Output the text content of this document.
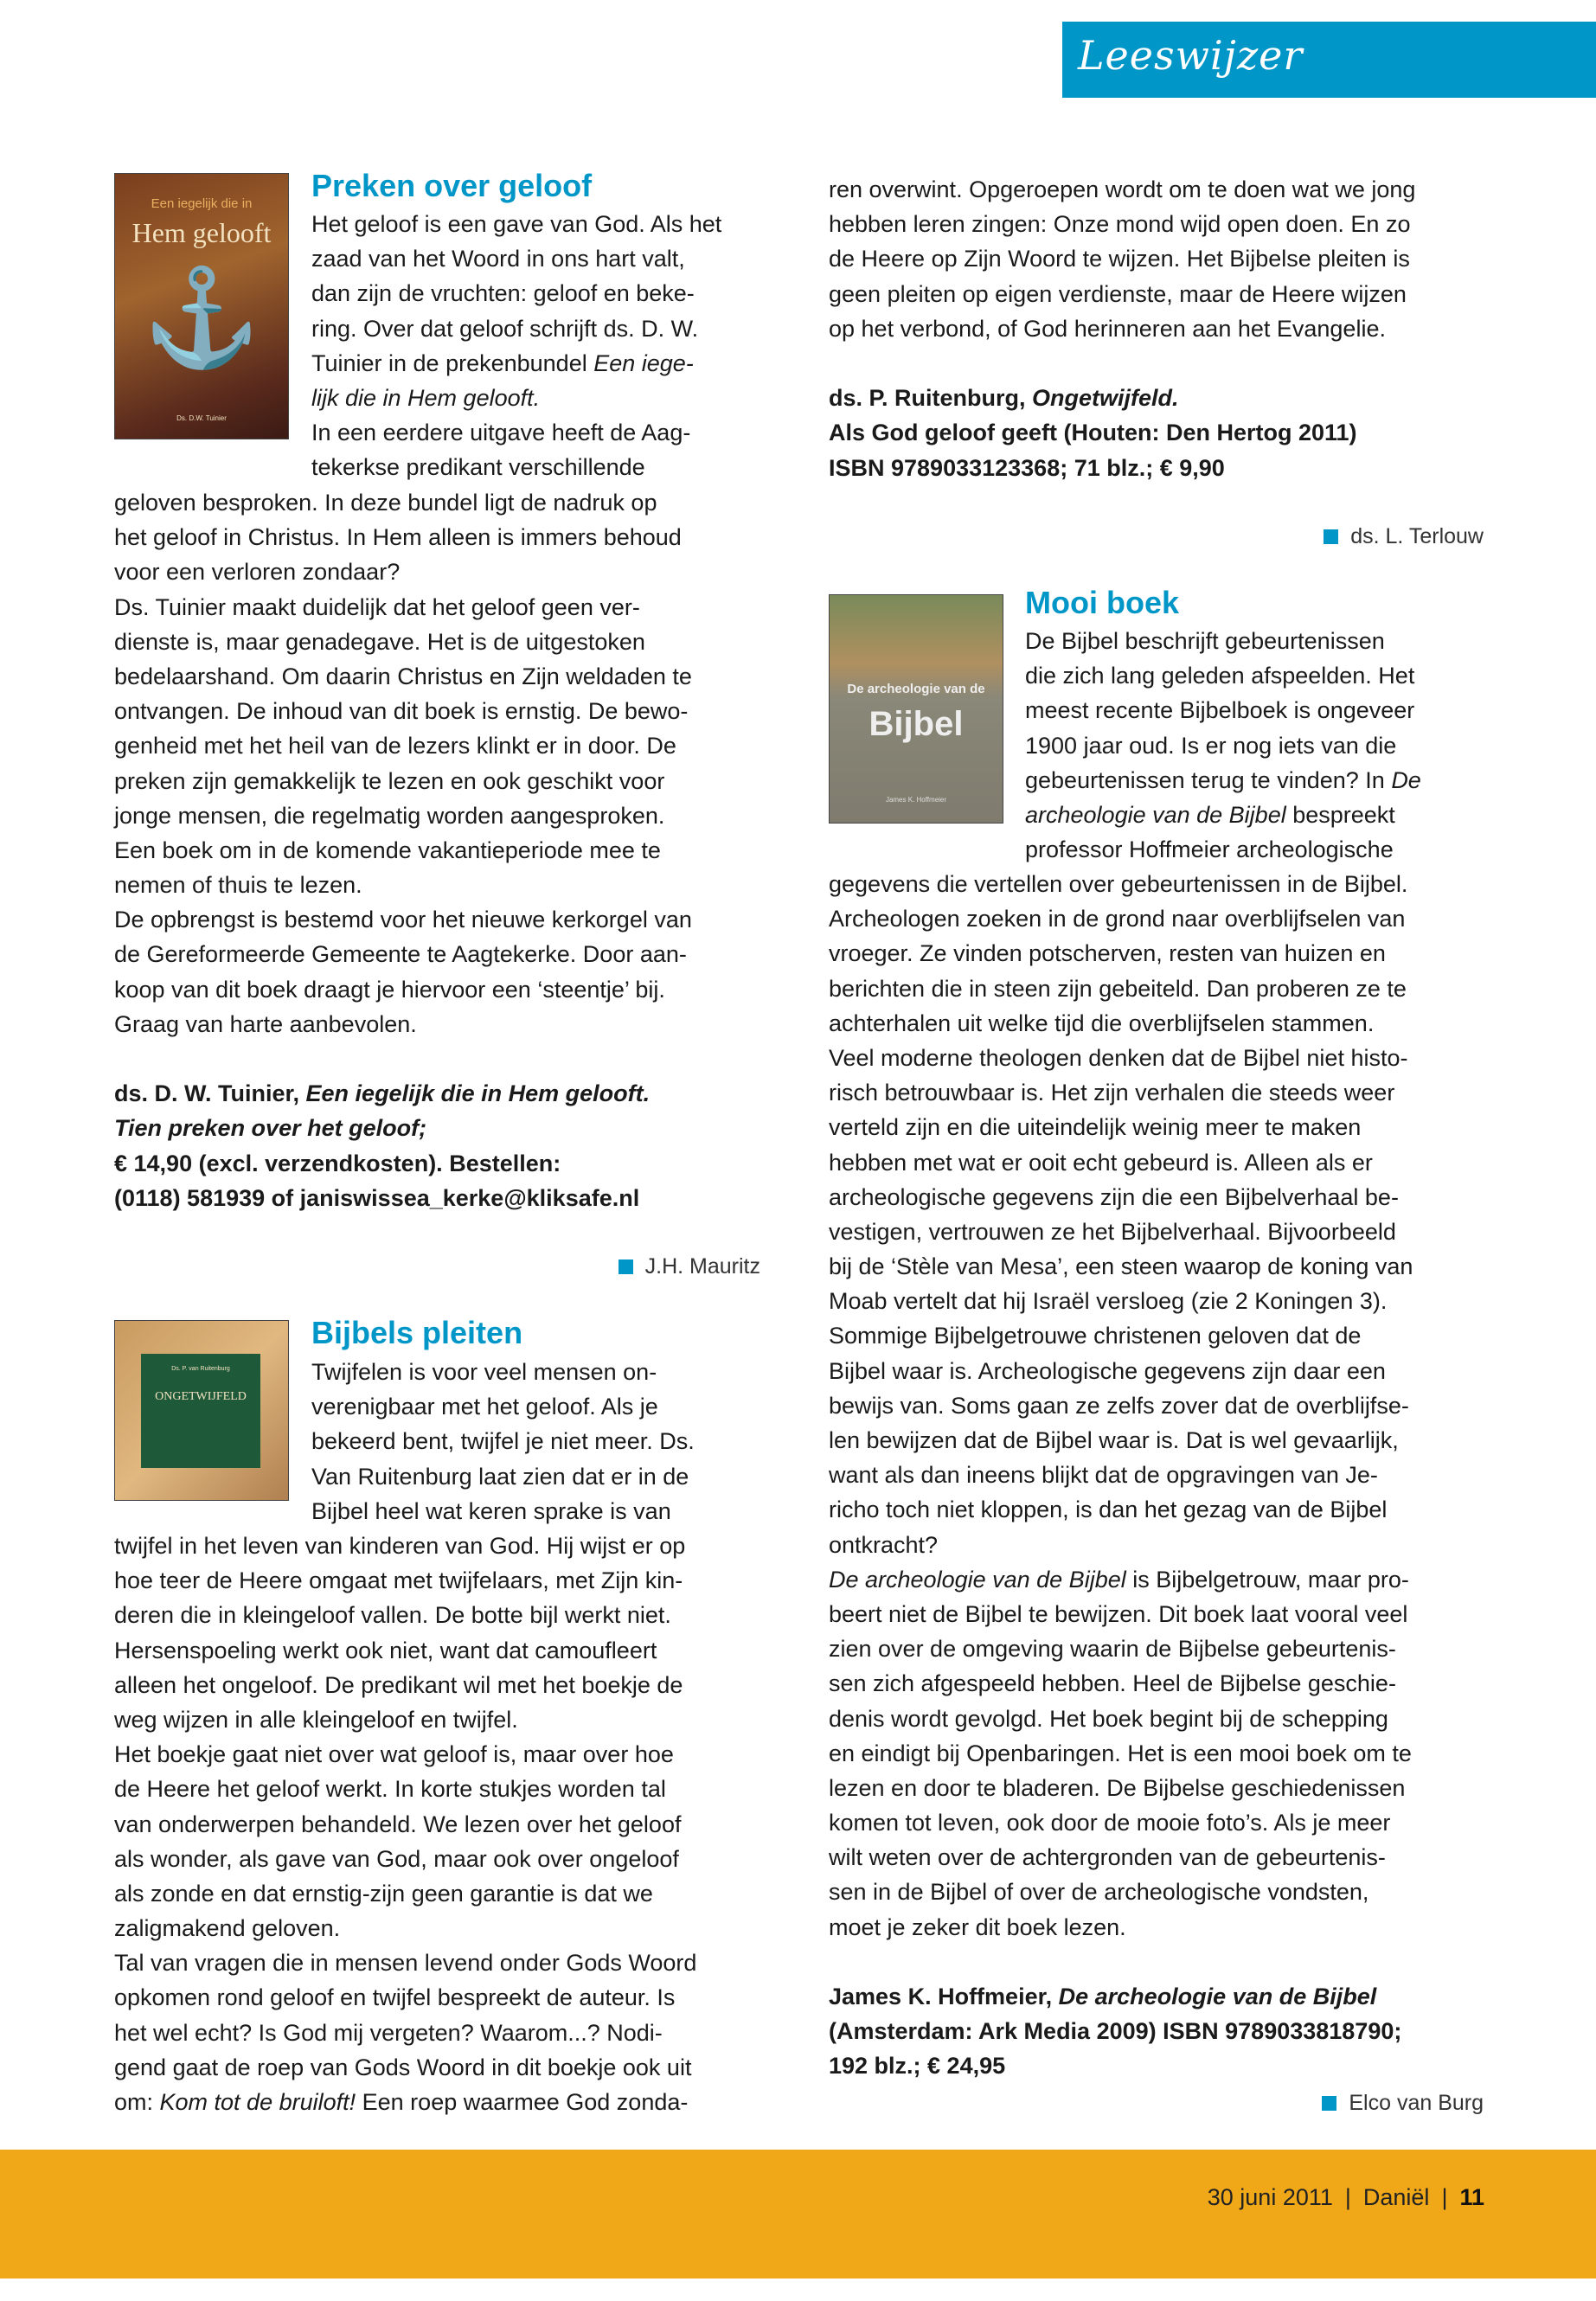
Leeswijzer
Een iegelijk die in
Hem gelooft
⚓
Ds. D.W. Tuinier
Preken over geloof
Het geloof is een gave van God. Als het
zaad van het Woord in ons hart valt,
dan zijn de vruchten: geloof en beke-
ring. Over dat geloof schrijft ds. D. W.
Tuinier in de prekenbundel Een iege-
lijk die in Hem gelooft.
In een eerdere uitgave heeft de Aag-
tekerkse predikant verschillende
geloven besproken. In deze bundel ligt de nadruk op
het geloof in Christus. In Hem alleen is immers behoud
voor een verloren zondaar?
Ds. Tuinier maakt duidelijk dat het geloof geen ver-
dienste is, maar genadegave. Het is de uitgestoken
bedelaarshand. Om daarin Christus en Zijn weldaden te
ontvangen. De inhoud van dit boek is ernstig. De bewo-
genheid met het heil van de lezers klinkt er in door. De
preken zijn gemakkelijk te lezen en ook geschikt voor
jonge mensen, die regelmatig worden aangesproken.
Een boek om in de komende vakantieperiode mee te
nemen of thuis te lezen.
De opbrengst is bestemd voor het nieuwe kerkorgel van
de Gereformeerde Gemeente te Aagtekerke. Door aan-
koop van dit boek draagt je hiervoor een ‘steentje’ bij.
Graag van harte aanbevolen.
ds. D. W. Tuinier, Een iegelijk die in Hem gelooft.
Tien preken over het geloof;
€ 14,90 (excl. verzendkosten). Bestellen:
(0118) 581939 of janiswissea_kerke@kliksafe.nl
J.H. Mauritz
Ds. P. van Ruitenburg
ONGETWIJFELD
Bijbels pleiten
Twijfelen is voor veel mensen on-
verenigbaar met het geloof. Als je
bekeerd bent, twijfel je niet meer. Ds.
Van Ruitenburg laat zien dat er in de
Bijbel heel wat keren sprake is van
twijfel in het leven van kinderen van God. Hij wijst er op
hoe teer de Heere omgaat met twijfelaars, met Zijn kin-
deren die in kleingeloof vallen. De botte bijl werkt niet.
Hersenspoeling werkt ook niet, want dat camoufleert
alleen het ongeloof. De predikant wil met het boekje de
weg wijzen in alle kleingeloof en twijfel.
Het boekje gaat niet over wat geloof is, maar over hoe
de Heere het geloof werkt. In korte stukjes worden tal
van onderwerpen behandeld. We lezen over het geloof
als wonder, als gave van God, maar ook over ongeloof
als zonde en dat ernstig-zijn geen garantie is dat we
zaligmakend geloven.
Tal van vragen die in mensen levend onder Gods Woord
opkomen rond geloof en twijfel bespreekt de auteur. Is
het wel echt? Is God mij vergeten? Waarom...? Nodi-
gend gaat de roep van Gods Woord in dit boekje ook uit
om: Kom tot de bruiloft! Een roep waarmee God zonda-
ren overwint. Opgeroepen wordt om te doen wat we jong
hebben leren zingen: Onze mond wijd open doen. En zo
de Heere op Zijn Woord te wijzen. Het Bijbelse pleiten is
geen pleiten op eigen verdienste, maar de Heere wijzen
op het verbond, of God herinneren aan het Evangelie.
ds. P. Ruitenburg, Ongetwijfeld.
Als God geloof geeft (Houten: Den Hertog 2011)
ISBN 9789033123368; 71 blz.; € 9,90
ds. L. Terlouw
De archeologie van de
Bijbel
James K. Hoffmeier
Mooi boek
De Bijbel beschrijft gebeurtenissen
die zich lang geleden afspeelden. Het
meest recente Bijbelboek is ongeveer
1900 jaar oud. Is er nog iets van die
gebeurtenissen terug te vinden? In De
archeologie van de Bijbel bespreekt
professor Hoffmeier archeologische
gegevens die vertellen over gebeurtenissen in de Bijbel.
Archeologen zoeken in de grond naar overblijfselen van
vroeger. Ze vinden potscherven, resten van huizen en
berichten die in steen zijn gebeiteld. Dan proberen ze te
achterhalen uit welke tijd die overblijfselen stammen.
Veel moderne theologen denken dat de Bijbel niet histo-
risch betrouwbaar is. Het zijn verhalen die steeds weer
verteld zijn en die uiteindelijk weinig meer te maken
hebben met wat er ooit echt gebeurd is. Alleen als er
archeologische gegevens zijn die een Bijbelverhaal be-
vestigen, vertrouwen ze het Bijbelverhaal. Bijvoorbeeld
bij de ‘Stèle van Mesa’, een steen waarop de koning van
Moab vertelt dat hij Israël versloeg (zie 2 Koningen 3).
Sommige Bijbelgetrouwe christenen geloven dat de
Bijbel waar is. Archeologische gegevens zijn daar een
bewijs van. Soms gaan ze zelfs zover dat de overblijfse-
len bewijzen dat de Bijbel waar is. Dat is wel gevaarlijk,
want als dan ineens blijkt dat de opgravingen van Je-
richo toch niet kloppen, is dan het gezag van de Bijbel
ontkracht?
De archeologie van de Bijbel is Bijbelgetrouw, maar pro-
beert niet de Bijbel te bewijzen. Dit boek laat vooral veel
zien over de omgeving waarin de Bijbelse gebeurtenis-
sen zich afgespeeld hebben. Heel de Bijbelse geschie-
denis wordt gevolgd. Het boek begint bij de schepping
en eindigt bij Openbaringen. Het is een mooi boek om te
lezen en door te bladeren. De Bijbelse geschiedenissen
komen tot leven, ook door de mooie foto’s. Als je meer
wilt weten over de achtergronden van de gebeurtenis-
sen in de Bijbel of over de archeologische vondsten,
moet je zeker dit boek lezen.
James K. Hoffmeier, De archeologie van de Bijbel
(Amsterdam: Ark Media 2009) ISBN 9789033818790;
192 blz.; € 24,95
Elco van Burg
30 juni 2011 | Daniël | 11
